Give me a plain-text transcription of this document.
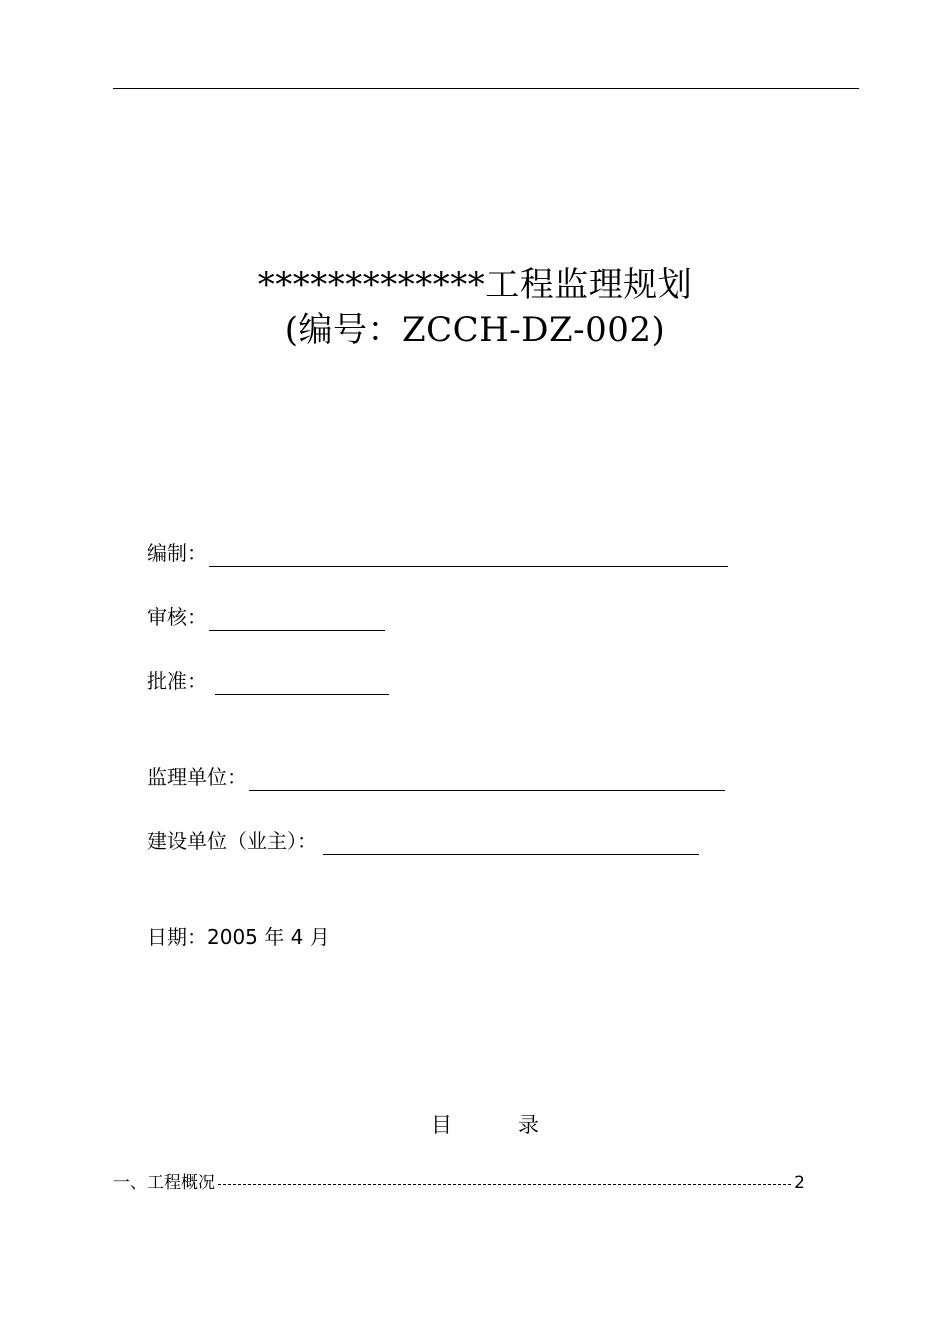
*************工程监理规划
(编号：ZCCH-DZ-002)
编制：
审核：
批准：
监理单位：
建设单位（业主）：
日期：2005 年 4 月
目	录
一、工程概况	2
